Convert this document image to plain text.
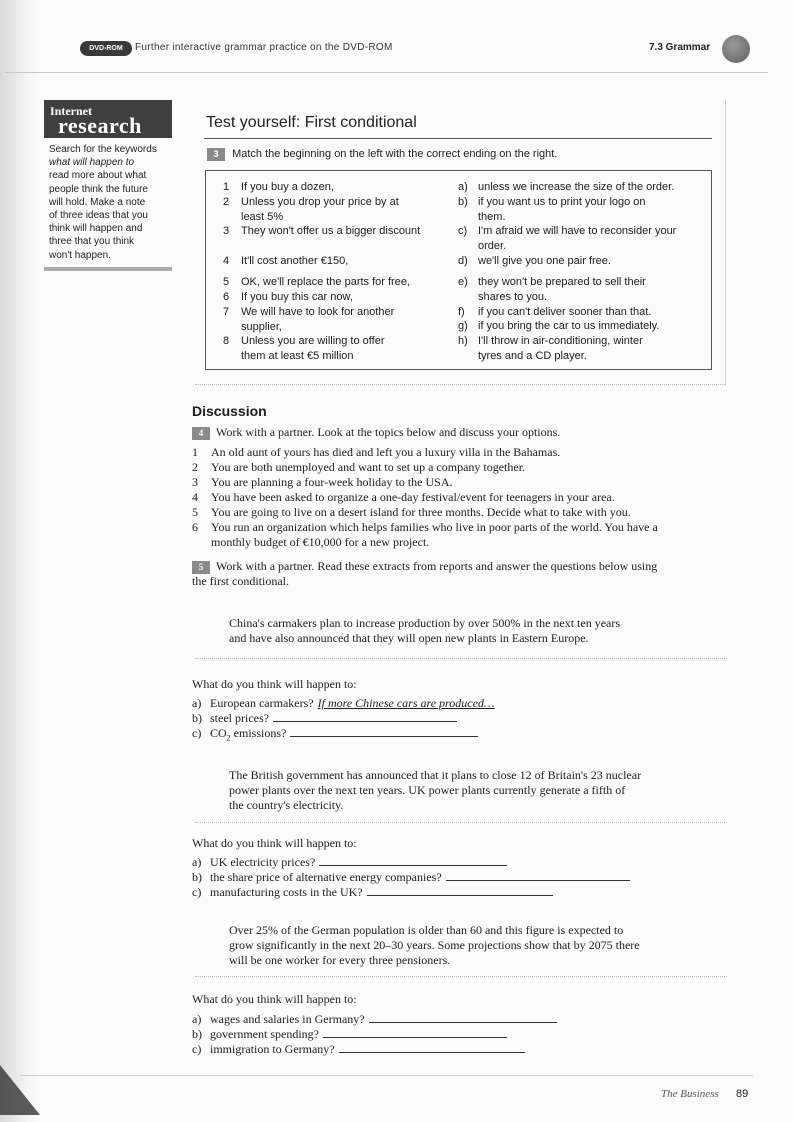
DVD-ROM	Further interactive grammar practice on the DVD-ROM	7.3 Grammar
Internet
research
Search for the keywords
what will happen to
read more about what
people think the future
will hold. Make a note
of three ideas that you
think will happen and
three that you think
won't happen.
Test yourself: First conditional
3 Match the beginning on the left with the correct ending on the right.
1 If you buy a dozen,
2 Unless you drop your price by at
least 5%
3 They won't offer us a bigger discount
4 It'll cost another €150,
5 OK, we'll replace the parts for free,
6 If you buy this car now,
7 We will have to look for another
supplier,
8 Unless you are willing to offer
them at least €5 million
a) unless we increase the size of the order.
b) if you want us to print your logo on
them.
c) I'm afraid we will have to reconsider your
order.
d) we'll give you one pair free.
e) they won't be prepared to sell their
shares to you.
f) if you can't deliver sooner than that.
g) if you bring the car to us immediately.
h) I'll throw in air-conditioning, winter
tyres and a CD player.
Discussion
4 Work with a partner. Look at the topics below and discuss your options.
1 An old aunt of yours has died and left you a luxury villa in the Bahamas.
2 You are both unemployed and want to set up a company together.
3 You are planning a four-week holiday to the USA.
4 You have been asked to organize a one-day festival/event for teenagers in your area.
5 You are going to live on a desert island for three months. Decide what to take with you.
6 You run an organization which helps families who live in poor parts of the world. You have a
monthly budget of €10,000 for a new project.
5 Work with a partner. Read these extracts from reports and answer the questions below using
the first conditional.
China's carmakers plan to increase production by over 500% in the next ten years
and have also announced that they will open new plants in Eastern Europe.
What do you think will happen to:
a) European carmakers? If more Chinese cars are produced…
b) steel prices?
c) $CO_2$ emissions?
The British government has announced that it plans to close 12 of Britain's 23 nuclear
power plants over the next ten years. UK power plants currently generate a fifth of
the country's electricity.
What do you think will happen to:
a) UK electricity prices?
b) the share price of alternative energy companies?
c) manufacturing costs in the UK?
Over 25% of the German population is older than 60 and this figure is expected to
grow significantly in the next 20–30 years. Some projections show that by 2075 there
will be one worker for every three pensioners.
What do you think will happen to:
a) wages and salaries in Germany?
b) government spending?
c) immigration to Germany?
The Business 89
